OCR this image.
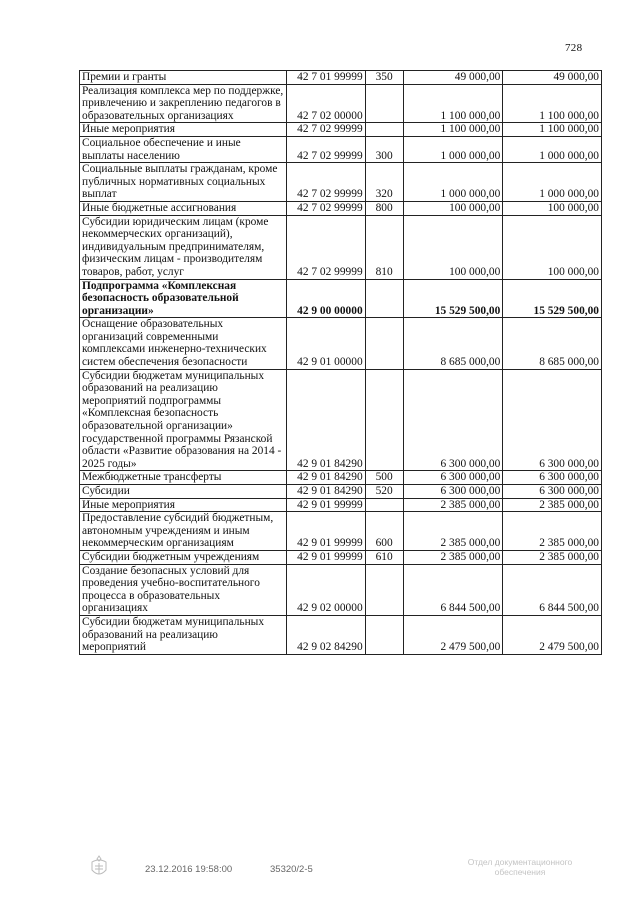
728
Премии и гранты	42 7 01 99999	350	49 000,00	49 000,00
Реализация комплекса мер по поддержке, привлечению и закреплению педагогов в образовательных организациях	42 7 02 00000		1 100 000,00	1 100 000,00
Иные мероприятия	42 7 02 99999		1 100 000,00	1 100 000,00
Социальное обеспечение и иные выплаты населению	42 7 02 99999	300	1 000 000,00	1 000 000,00
Социальные выплаты гражданам, кроме публичных нормативных социальных выплат	42 7 02 99999	320	1 000 000,00	1 000 000,00
Иные бюджетные ассигнования	42 7 02 99999	800	100 000,00	100 000,00
Субсидии юридическим лицам (кроме некоммерческих организаций), индивидуальным предпринимателям, физическим лицам - производителям товаров, работ, услуг	42 7 02 99999	810	100 000,00	100 000,00
Подпрограмма «Комплексная безопасность образовательной организации»	42 9 00 00000		15 529 500,00	15 529 500,00
Оснащение образовательных организаций современными комплексами инженерно-технических систем обеспечения безопасности	42 9 01 00000		8 685 000,00	8 685 000,00
Субсидии бюджетам муниципальных образований на реализацию мероприятий подпрограммы «Комплексная безопасность образовательной организации» государственной программы Рязанской области «Развитие образования на 2014 - 2025 годы»	42 9 01 84290		6 300 000,00	6 300 000,00
Межбюджетные трансферты	42 9 01 84290	500	6 300 000,00	6 300 000,00
Субсидии	42 9 01 84290	520	6 300 000,00	6 300 000,00
Иные мероприятия	42 9 01 99999		2 385 000,00	2 385 000,00
Предоставление субсидий бюджетным, автономным учреждениям и иным некоммерческим организациям	42 9 01 99999	600	2 385 000,00	2 385 000,00
Субсидии бюджетным учреждениям	42 9 01 99999	610	2 385 000,00	2 385 000,00
Создание безопасных условий для проведения учебно-воспитательного процесса в образовательных организациях	42 9 02 00000		6 844 500,00	6 844 500,00
Субсидии бюджетам муниципальных образований на реализацию мероприятий	42 9 02 84290		2 479 500,00	2 479 500,00
23.12.2016 19:58:00	35320/2-5
Отдел документационного
обеспечения
